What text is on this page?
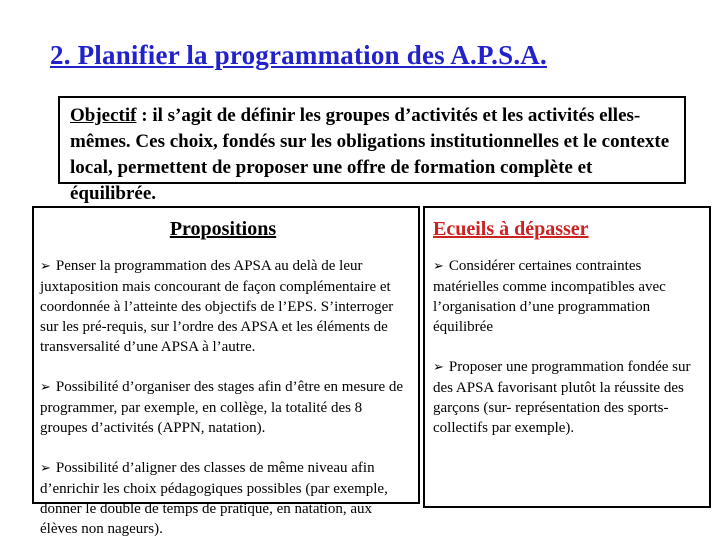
2. Planifier la programmation des A.P.S.A.

Objectif : il s’agit de définir les groupes d’activités et les activités elles-mêmes. Ces choix, fondés sur les obligations institutionnelles et le contexte local, permettent de proposer une offre de formation complète et équilibrée.

Propositions

➢ Penser la programmation des APSA au delà de leur juxtaposition mais concourant de façon complémentaire et coordonnée à l’atteinte des objectifs de l’EPS. S’interroger sur les pré-requis, sur l’ordre des APSA et les éléments de transversalité d’une APSA à l’autre.

➢ Possibilité d’organiser des stages afin d’être en mesure de programmer, par exemple, en collège, la totalité des 8 groupes d’activités (APPN, natation).

➢ Possibilité d’aligner des classes de même niveau afin d’enrichir les choix pédagogiques possibles (par exemple, donner le double de temps de pratique, en natation, aux élèves non nageurs).

Ecueils à dépasser

➢ Considérer certaines contraintes matérielles comme incompatibles avec l’organisation d’une programmation équilibrée

➢ Proposer une programmation fondée sur des APSA favorisant plutôt la réussite des garçons (sur- représentation des sports-collectifs par exemple).
